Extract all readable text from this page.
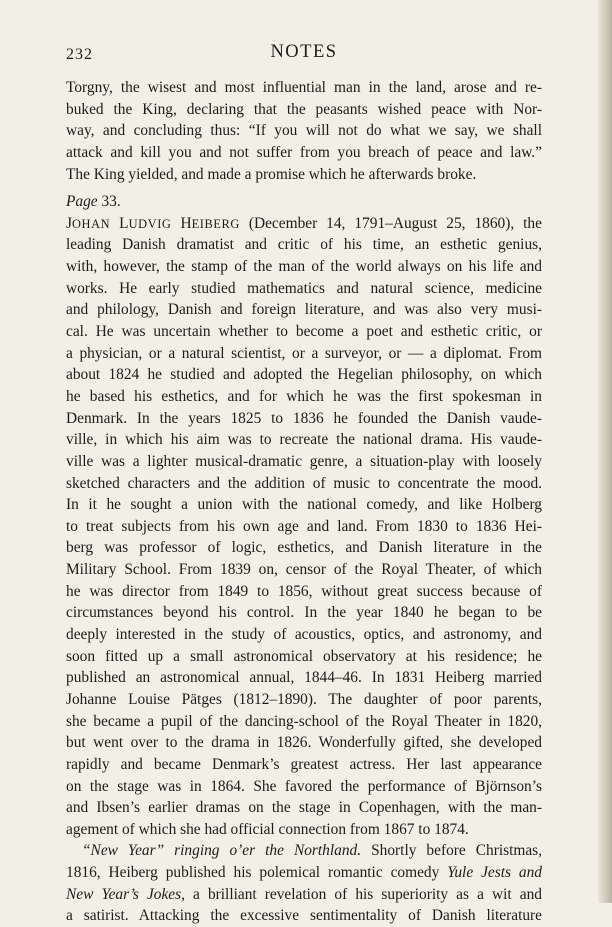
232	NOTES
Torgny, the wisest and most influential man in the land, arose and re-
buked the King, declaring that the peasants wished peace with Nor-
way, and concluding thus: “If you will not do what we say, we shall
attack and kill you and not suffer from you breach of peace and law.”
The King yielded, and made a promise which he afterwards broke.
Page 33.
JOHAN LUDVIG HEIBERG (December 14, 1791–August 25, 1860), the
leading Danish dramatist and critic of his time, an esthetic genius,
with, however, the stamp of the man of the world always on his life and
works. He early studied mathematics and natural science, medicine
and philology, Danish and foreign literature, and was also very musi-
cal. He was uncertain whether to become a poet and esthetic critic, or
a physician, or a natural scientist, or a surveyor, or — a diplomat. From
about 1824 he studied and adopted the Hegelian philosophy, on which
he based his esthetics, and for which he was the first spokesman in
Denmark. In the years 1825 to 1836 he founded the Danish vaude-
ville, in which his aim was to recreate the national drama. His vaude-
ville was a lighter musical-dramatic genre, a situation-play with loosely
sketched characters and the addition of music to concentrate the mood.
In it he sought a union with the national comedy, and like Holberg
to treat subjects from his own age and land. From 1830 to 1836 Hei-
berg was professor of logic, esthetics, and Danish literature in the
Military School. From 1839 on, censor of the Royal Theater, of which
he was director from 1849 to 1856, without great success because of
circumstances beyond his control. In the year 1840 he began to be
deeply interested in the study of acoustics, optics, and astronomy, and
soon fitted up a small astronomical observatory at his residence; he
published an astronomical annual, 1844–46. In 1831 Heiberg married
Johanne Louise Pätges (1812–1890). The daughter of poor parents,
she became a pupil of the dancing-school of the Royal Theater in 1820,
but went over to the drama in 1826. Wonderfully gifted, she developed
rapidly and became Denmark’s greatest actress. Her last appearance
on the stage was in 1864. She favored the performance of Björnson’s
and Ibsen’s earlier dramas on the stage in Copenhagen, with the man-
agement of which she had official connection from 1867 to 1874.
“New Year” ringing o’er the Northland. Shortly before Christmas,
1816, Heiberg published his polemical romantic comedy Yule Jests and
New Year’s Jokes, a brilliant revelation of his superiority as a wit and
a satirist. Attacking the excessive sentimentality of Danish literature
